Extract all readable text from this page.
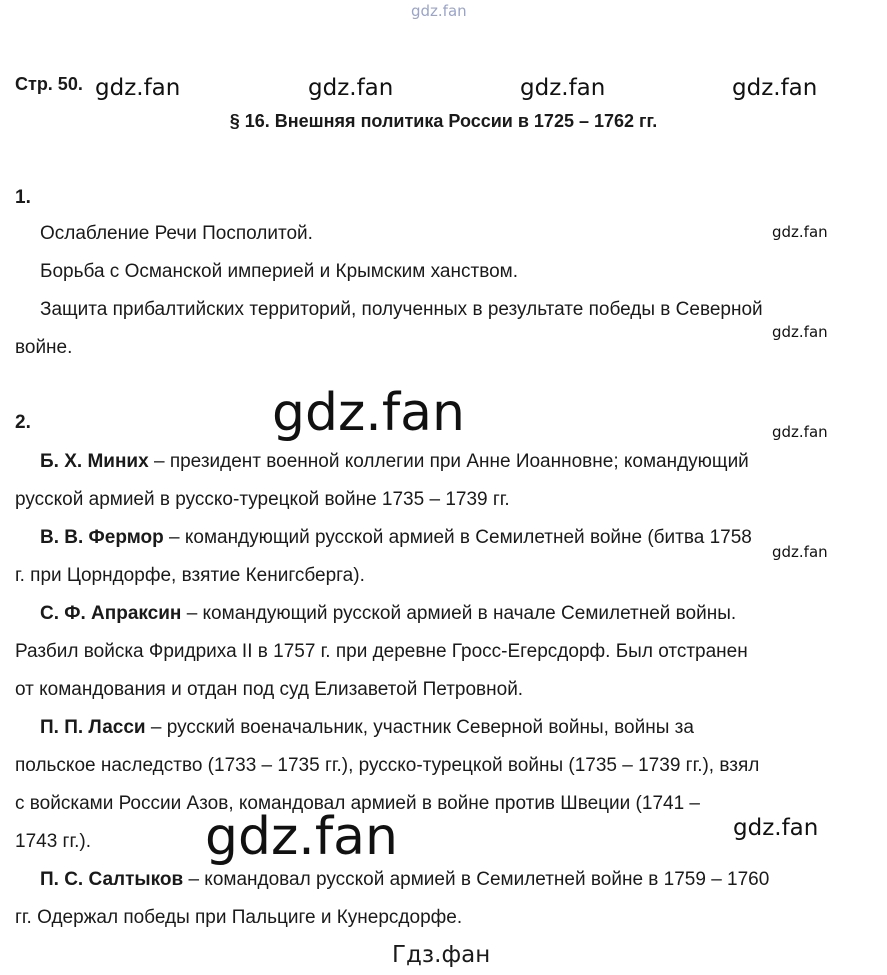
gdz.fan
gdz.fan	gdz.fan	gdz.fan	gdz.fan
gdz.fan
gdz.fan
gdz.fan
gdz.fan
gdz.fan
gdz.fan	gdz.fan
Стр. 50.
§ 16. Внешняя политика России в 1725 – 1762 гг.
1.
Ослабление Речи Посполитой.
Борьба с Османской империей и Крымским ханством.
Защита прибалтийских территорий, полученных в результате победы в Северной
войне.
2.
Б. Х. Миних – президент военной коллегии при Анне Иоанновне; командующий
русской армией в русско-турецкой войне 1735 – 1739 гг.
В. В. Фермор – командующий русской армией в Семилетней войне (битва 1758
г. при Цорндорфе, взятие Кенигсберга).
С. Ф. Апраксин – командующий русской армией в начале Семилетней войны.
Разбил войска Фридриха II в 1757 г. при деревне Гросс-Егерсдорф. Был отстранен
от командования и отдан под суд Елизаветой Петровной.
П. П. Ласси – русский военачальник, участник Северной войны, войны за
польское наследство (1733 – 1735 гг.), русско-турецкой войны (1735 – 1739 гг.), взял
с войсками России Азов, командовал армией в войне против Швеции (1741 –
1743 гг.).
П. С. Салтыков – командовал русской армией в Семилетней войне в 1759 – 1760
гг. Одержал победы при Пальциге и Кунерсдорфе.
Гдз.фан
